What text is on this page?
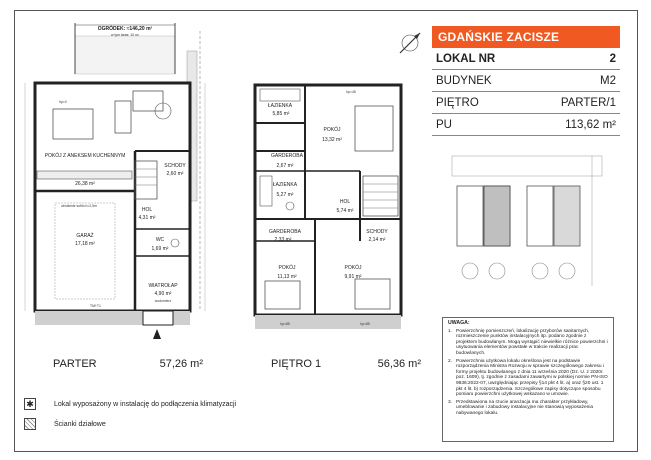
OGRÓDEK: ≈146,20 m²
w tym taras: 10 m²
hp=0
POKÓJ Z ANEKSEM KUCHENNYM
26,38 m²
SCHODY
2,60 m²
HOL
4,31 m²
WC
1,69 m²
obniżenie sufitu h=2,5m
GARAŻ
17,18 m²
TM+T1
WIATROŁAP
4,90 m²
wodomierz
ŁAZIENKA
5,85 m²
hp=45
POKÓJ
13,32 m²
GARDEROBA
2,67 m²
ŁAZIENKA
5,27 m²
HOL
5,74 m²
GARDEROBA
2,33 m²
SCHODY
2,14 m²
POKÓJ
11,13 m²
POKÓJ
9,91 m²
hp=85	hp=85
PARTER	57,26 m²	PIĘTRO 1	56,36 m²
GDAŃSKIE ZACISZE
LOKAL NR	2
BUDYNEK	M2
PIĘTRO	PARTER/1
PU	113,62 m²
UWAGA:
1. Powierzchnię pomieszczeń, lokalizację przyborów sanitarnych, rozmieszczenie punktów instalacyjnych itp. podano zgodnie z projektem budowlanym. Mogą wystąpić niewielkie różnice powierzchni i usytuowania elementów powstałe w trakcie realizacji prac budowlanych.
2. Powierzchnia użytkowa lokalu określona jest na podstawie rozporządzenia Ministra Rozwoju w sprawie szczegółowego zakresu i formy projektu budowlanego z dnia 11 września 2020 (Dz. U. z 2020r. poz. 1609), tj. zgodnie z zasadami zawartymi w polskiej normie PN-ISO 9836:2022-07, uwzględniając przepisy §14 pkt 4 lit. a) oraz §20 ust. 1 pkt 4 lit. b) rozporządzenia. Szczegółowe zapisy dotyczące sposobu pomiaru powierzchni użytkowej wskazano w umowie.
3. Przedstawiona na rzucie aranżacja ma charakter przykładowy, umeblowanie i zabudowy instalacyjne nie stanowią wyposażenia nabywanego lokalu.
✱	Lokal wyposażony w instalację do podłączenia klimatyzacji
Ścianki działowe
